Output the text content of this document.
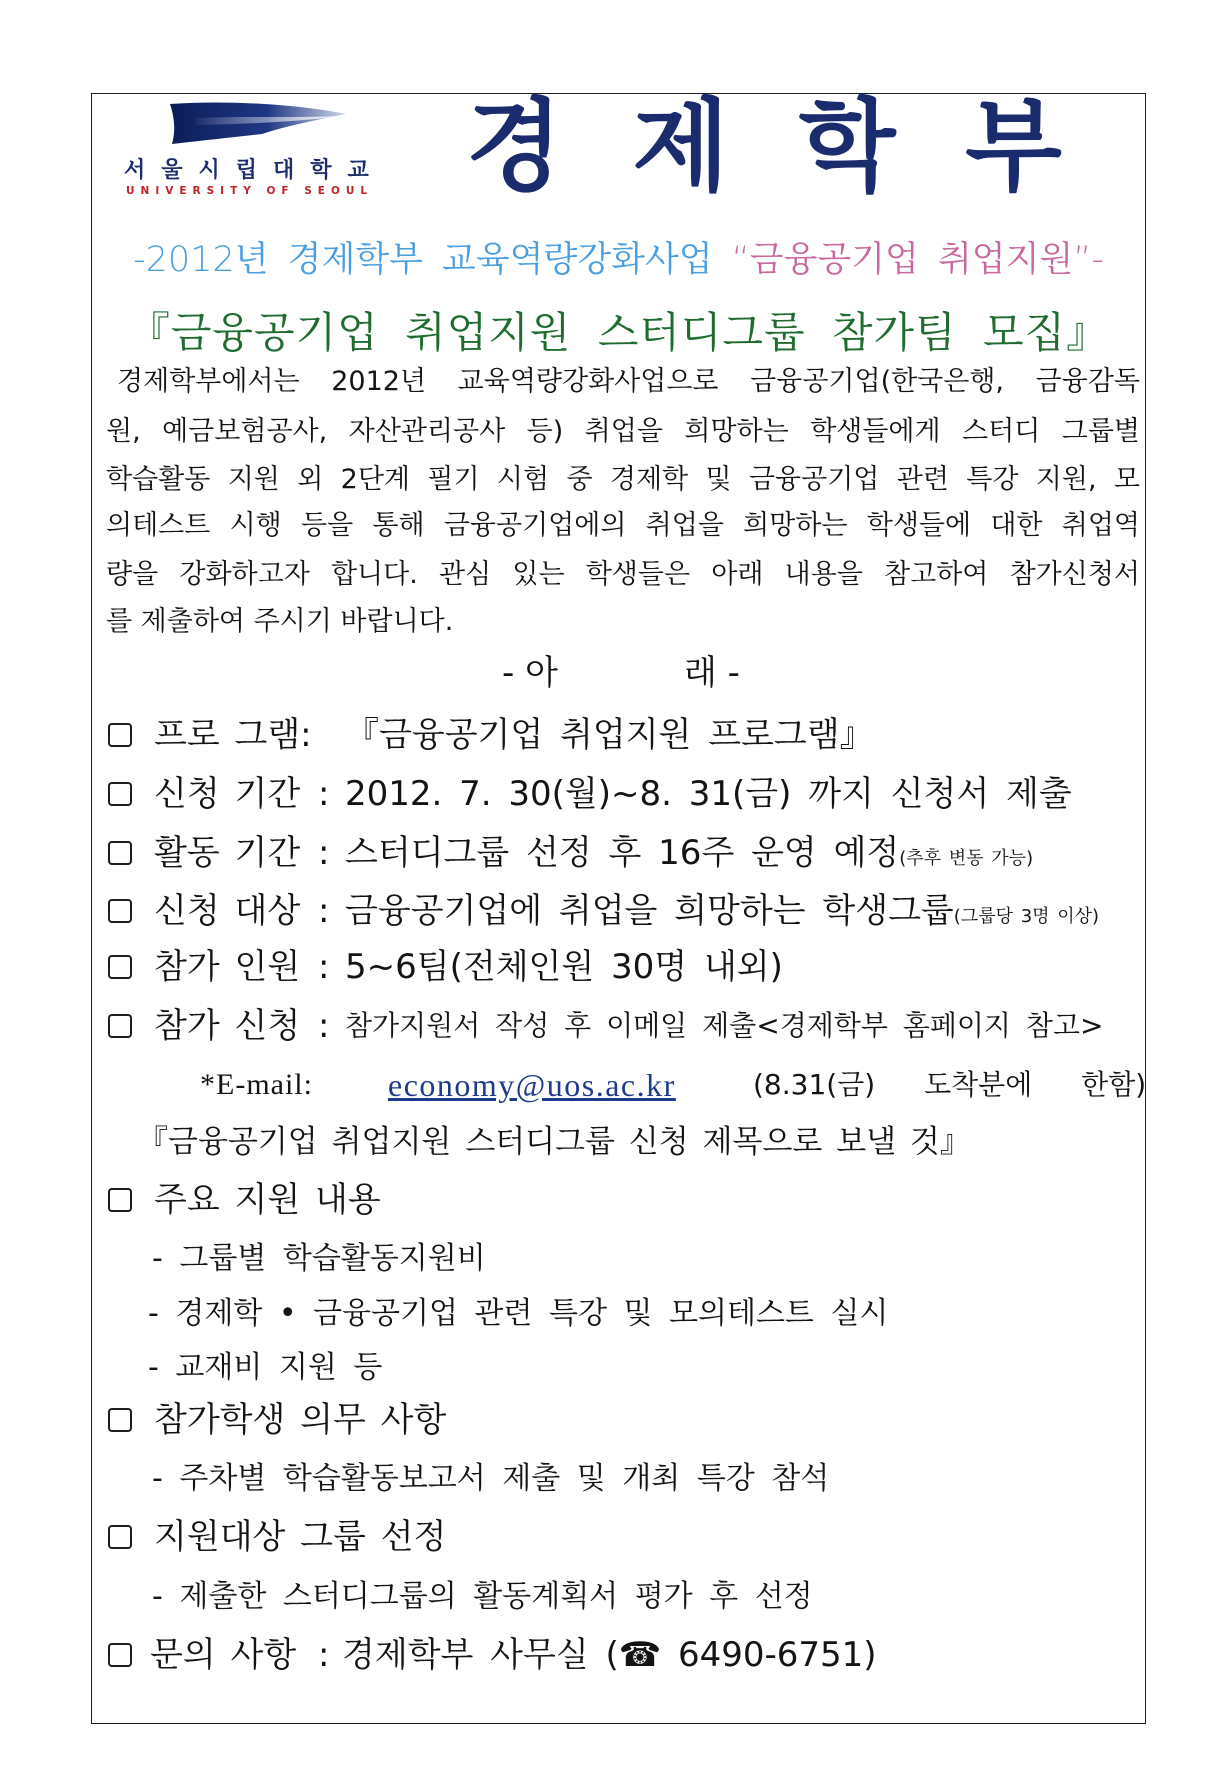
서울시립대학교
UNIVERSITY OF SEOUL 경 제 학 부
-2012년 경제학부 교육역량강화사업 “금융공기업 취업지원”-
『금융공기업 취업지원 스터디그룹 참가팀 모집』
경제학부에서는 2012년 교육역량강화사업으로 금융공기업(한국은행, 금융감독
원, 예금보험공사, 자산관리공사 등) 취업을 희망하는 학생들에게 스터디 그룹별
학습활동 지원 외 2단계 필기 시험 중 경제학 및 금융공기업 관련 특강 지원, 모
의테스트 시행 등을 통해 금융공기업에의 취업을 희망하는 학생들에 대한 취업역
량을 강화하고자 합니다. 관심 있는 학생들은 아래 내용을 참고하여 참가신청서
를 제출하여 주시기 바랍니다.
- 아	래 -
프로 그램: 『금융공기업 취업지원 프로그램』
신청 기간 : 2012. 7. 30(월)~8. 31(금) 까지 신청서 제출
활동 기간 : 스터디그룹 선정 후 16주 운영 예정(추후 변동 가능)
신청 대상 : 금융공기업에 취업을 희망하는 학생그룹(그룹당 3명 이상)
참가 인원 : 5~6팀(전체인원 30명 내외)
참가 신청 : 참가지원서 작성 후 이메일 제출<경제학부 홈페이지 참고>
*E-mail: economy@uos.ac.kr	(8.31(금) 도착분에 한함)
『금융공기업 취업지원 스터디그룹 신청 제목으로 보낼 것』
주요 지원 내용
- 그룹별 학습활동지원비
- 경제학 • 금융공기업 관련 특강 및 모의테스트 실시
- 교재비 지원 등
참가학생 의무 사항
- 주차별 학습활동보고서 제출 및 개최 특강 참석
지원대상 그룹 선정
- 제출한 스터디그룹의 활동계획서 평가 후 선정
문의 사항 : 경제학부 사무실 (☎ 6490-6751)
